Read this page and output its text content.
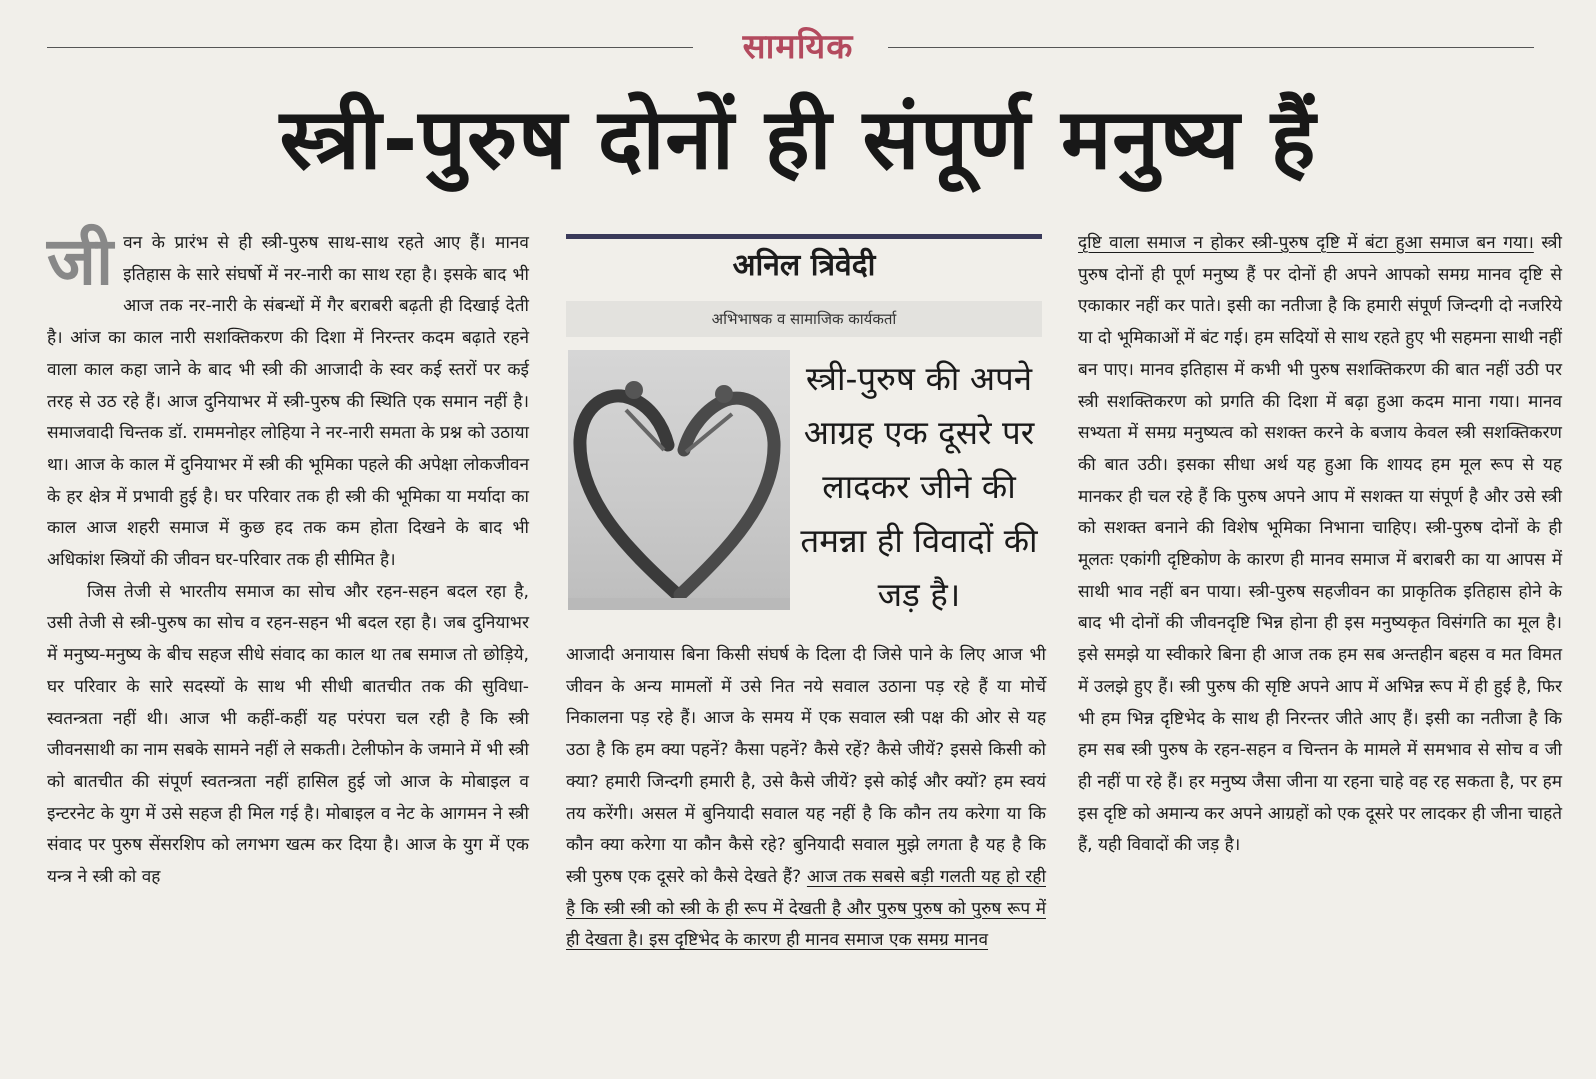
सामयिक
स्त्री-पुरुष दोनों ही संपूर्ण मनुष्य हैं

जी वन के प्रारंभ से ही स्त्री-पुरुष साथ-साथ रहते आए हैं। मानव इतिहास के सारे संघर्षो में नर-नारी का साथ रहा है। इसके बाद भी आज तक नर-नारी के संबन्धों में गैर बराबरी बढ़ती ही दिखाई देती है। आंज का काल नारी सशक्तिकरण की दिशा में निरन्तर कदम बढ़ाते रहने वाला काल कहा जाने के बाद भी स्त्री की आजादी के स्वर कई स्तरों पर कई तरह से उठ रहे हैं। आज दुनियाभर में स्त्री-पुरुष की स्थिति एक समान नहीं है। समाजवादी चिन्तक डॉ. राममनोहर लोहिया ने नर-नारी समता के प्रश्न को उठाया था। आज के काल में दुनियाभर में स्त्री की भूमिका पहले की अपेक्षा लोकजीवन के हर क्षेत्र में प्रभावी हुई है। घर परिवार तक ही स्त्री की भूमिका या मर्यादा का काल आज शहरी समाज में कुछ हद तक कम होता दिखने के बाद भी अधिकांश स्त्रियों की जीवन घर-परिवार तक ही सीमित है।

जिस तेजी से भारतीय समाज का सोच और रहन-सहन बदल रहा है, उसी तेजी से स्त्री-पुरुष का सोच व रहन-सहन भी बदल रहा है। जब दुनियाभर में मनुष्य-मनुष्य के बीच सहज सीधे संवाद का काल था तब समाज तो छोड़िये, घर परिवार के सारे सदस्यों के साथ भी सीधी बातचीत तक की सुविधा-स्वतन्त्रता नहीं थी। आज भी कहीं-कहीं यह परंपरा चल रही है कि स्त्री जीवनसाथी का नाम सबके सामने नहीं ले सकती। टेलीफोन के जमाने में भी स्त्री को बातचीत की संपूर्ण स्वतन्त्रता नहीं हासिल हुई जो आज के मोबाइल व इन्टरनेट के युग में उसे सहज ही मिल गई है। मोबाइल व नेट के आगमन ने स्त्री संवाद पर पुरुष सेंसरशिप को लगभग खत्म कर दिया है। आज के युग में एक यन्त्र ने स्त्री को वह

अनिल त्रिवेदी
अभिभाषक व सामाजिक कार्यकर्ता
स्त्री-पुरुष की अपने आग्रह एक दूसरे पर लादकर जीने की तमन्ना ही विवादों की जड़ है।

आजादी अनायास बिना किसी संघर्ष के दिला दी जिसे पाने के लिए आज भी जीवन के अन्य मामलों में उसे नित नये सवाल उठाना पड़ रहे हैं या मोर्चे निकालना पड़ रहे हैं। आज के समय में एक सवाल स्त्री पक्ष की ओर से यह उठा है कि हम क्या पहनें? कैसा पहनें? कैसे रहें? कैसे जीयें? इससे किसी को क्या? हमारी जिन्दगी हमारी है, उसे कैसे जीयें? इसे कोई और क्यों? हम स्वयं तय करेंगी। असल में बुनियादी सवाल यह नहीं है कि कौन तय करेगा या कि कौन क्या करेगा या कौन कैसे रहे? बुनियादी सवाल मुझे लगता है यह है कि स्त्री पुरुष एक दूसरे को कैसे देखते हैं? आज तक सबसे बड़ी गलती यह हो रही है कि स्त्री स्त्री को स्त्री के ही रूप में देखती है और पुरुष पुरुष को पुरुष रूप में ही देखता है। इस दृष्टिभेद के कारण ही मानव समाज एक समग्र मानव

दृष्टि वाला समाज न होकर स्त्री-पुरुष दृष्टि में बंटा हुआ समाज बन गया। स्त्री पुरुष दोनों ही पूर्ण मनुष्य हैं पर दोनों ही अपने आपको समग्र मानव दृष्टि से एकाकार नहीं कर पाते। इसी का नतीजा है कि हमारी संपूर्ण जिन्दगी दो नजरिये या दो भूमिकाओं में बंट गई। हम सदियों से साथ रहते हुए भी सहमना साथी नहीं बन पाए। मानव इतिहास में कभी भी पुरुष सशक्तिकरण की बात नहीं उठी पर स्त्री सशक्तिकरण को प्रगति की दिशा में बढ़ा हुआ कदम माना गया। मानव सभ्यता में समग्र मनुष्यत्व को सशक्त करने के बजाय केवल स्त्री सशक्तिकरण की बात उठी। इसका सीधा अर्थ यह हुआ कि शायद हम मूल रूप से यह मानकर ही चल रहे हैं कि पुरुष अपने आप में सशक्त या संपूर्ण है और उसे स्त्री को सशक्त बनाने की विशेष भूमिका निभाना चाहिए। स्त्री-पुरुष दोनों के ही मूलतः एकांगी दृष्टिकोण के कारण ही मानव समाज में बराबरी का या आपस में साथी भाव नहीं बन पाया। स्त्री-पुरुष सहजीवन का प्राकृतिक इतिहास होने के बाद भी दोनों की जीवनदृष्टि भिन्न होना ही इस मनुष्यकृत विसंगति का मूल है। इसे समझे या स्वीकारे बिना ही आज तक हम सब अन्तहीन बहस व मत विमत में उलझे हुए हैं। स्त्री पुरुष की सृष्टि अपने आप में अभिन्न रूप में ही हुई है, फिर भी हम भिन्न दृष्टिभेद के साथ ही निरन्तर जीते आए हैं। इसी का नतीजा है कि हम सब स्त्री पुरुष के रहन-सहन व चिन्तन के मामले में समभाव से सोच व जी ही नहीं पा रहे हैं। हर मनुष्य जैसा जीना या रहना चाहे वह रह सकता है, पर हम इस दृष्टि को अमान्य कर अपने आग्रहों को एक दूसरे पर लादकर ही जीना चाहते हैं, यही विवादों की जड़ है।
